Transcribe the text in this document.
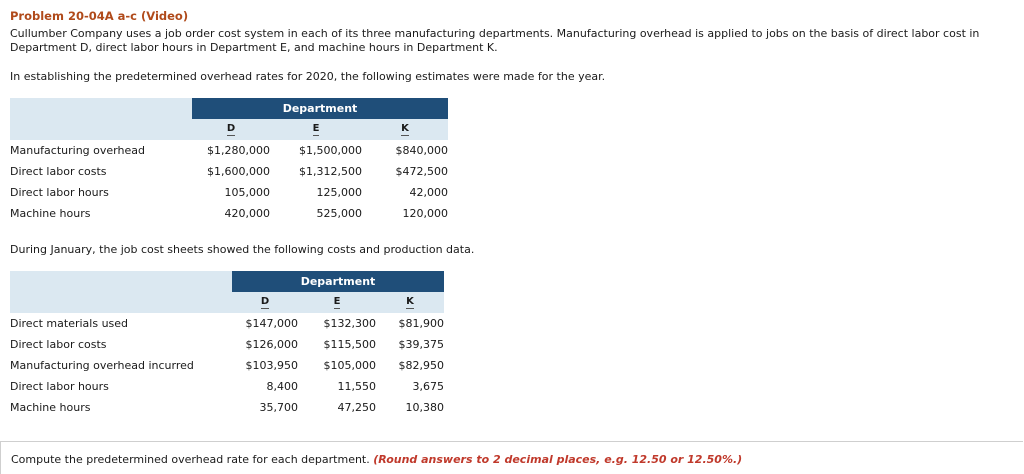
Problem 20-04A a-c (Video)
Cullumber Company uses a job order cost system in each of its three manufacturing departments. Manufacturing overhead is applied to jobs on the basis of direct labor cost in Department D, direct labor hours in Department E, and machine hours in Department K.
In establishing the predetermined overhead rates for 2020, the following estimates were made for the year.
	Department		
	D	E	K
Manufacturing overhead	$1,280,000	$1,500,000	$840,000
Direct labor costs	$1,600,000	$1,312,500	$472,500
Direct labor hours	105,000	125,000	42,000
Machine hours	420,000	525,000	120,000
During January, the job cost sheets showed the following costs and production data.
	Department		
	D	E	K
Direct materials used	$147,000	$132,300	$81,900
Direct labor costs	$126,000	$115,500	$39,375
Manufacturing overhead incurred	$103,950	$105,000	$82,950
Direct labor hours	8,400	11,550	3,675
Machine hours	35,700	47,250	10,380
Compute the predetermined overhead rate for each department. (Round answers to 2 decimal places, e.g. 12.50 or 12.50%.)
